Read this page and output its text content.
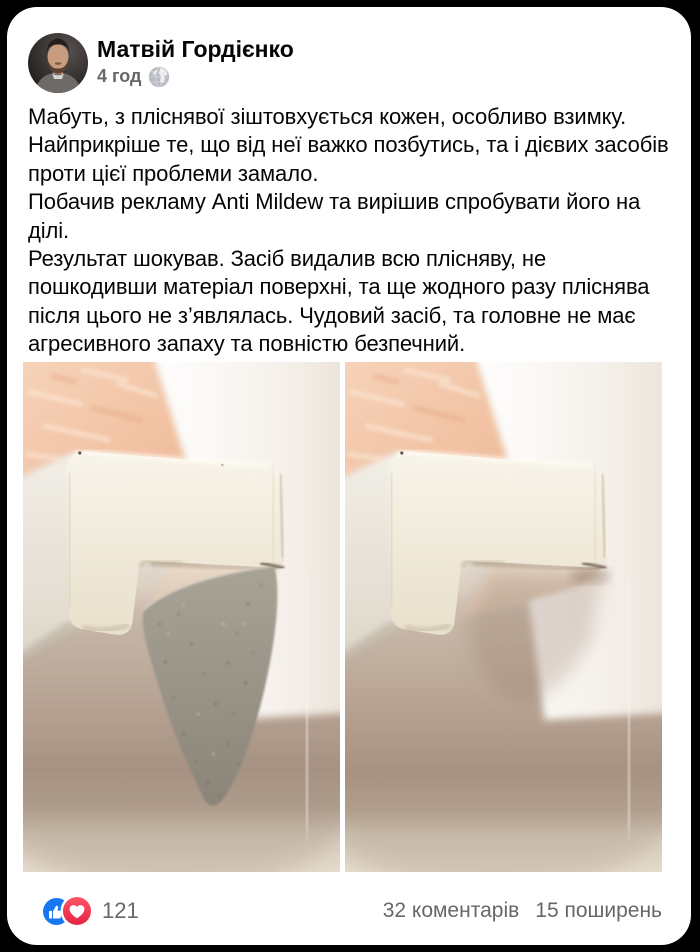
Матвій Гордієнко
4 год

Мабуть, з пліснявої зіштовхується кожен, особливо взимку. Найприкріше те, що від неї важко позбутись, та і дієвих засобів проти цієї проблеми замало.

Побачив рекламу Anti Mildew та вирішив спробувати його на ділі.

Результат шокував. Засіб видалив всю плісняву, не пошкодивши матеріал поверхні, та ще жодного разу пліснява після цього не з’являлась. Чудовий засіб, та головне не має агресивного запаху та повністю безпечний.

121	32 коментарів 15 поширень
